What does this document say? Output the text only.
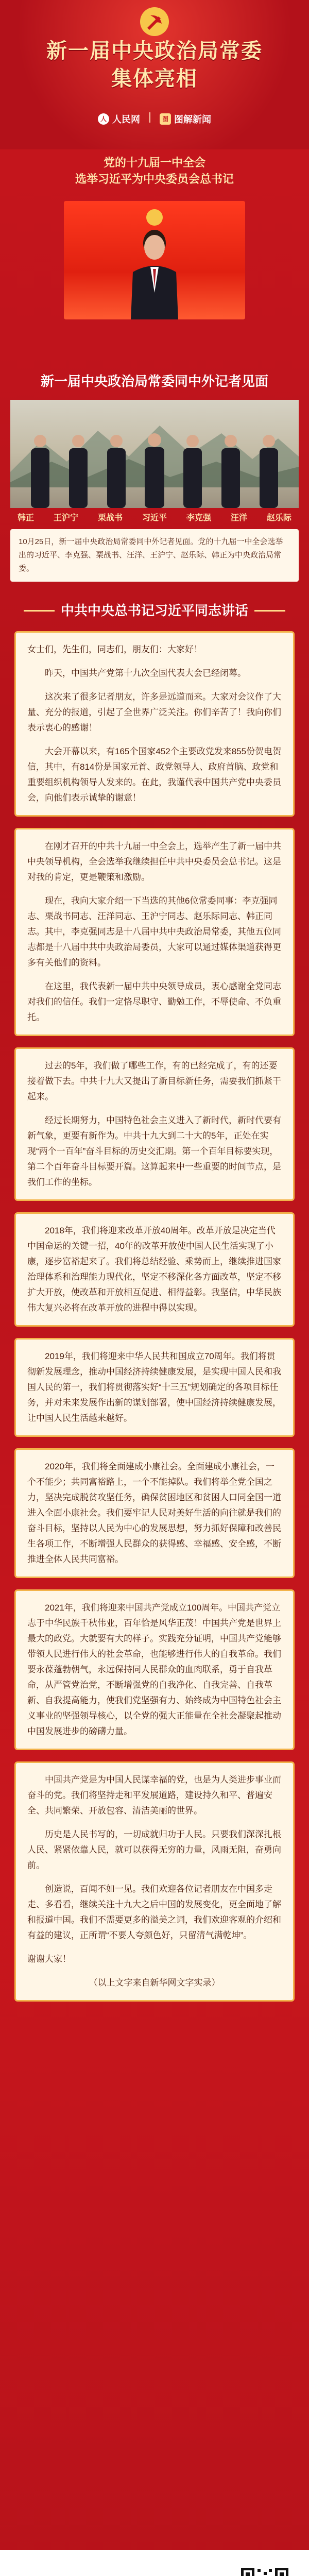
新一届中央政治局常委
集体亮相
人 人民网	图 图解新闻
党的十九届一中全会
选举习近平为中央委员会总书记
新一届中央政治局常委同中外记者见面
韩正 王沪宁 栗战书 习近平 李克强 汪洋 赵乐际
10月25日，新一届中央政治局常委同中外记者见面。党的十九届一中全会选举出的习近平、李克强、栗战书、汪洋、王沪宁、赵乐际、韩正为中央政治局常委。
中共中央总书记习近平同志讲话

女士们，先生们，同志们，朋友们：大家好！

昨天，中国共产党第十九次全国代表大会已经闭幕。

这次来了很多记者朋友，许多是远道而来。大家对会议作了大量、充分的报道，引起了全世界广泛关注。你们辛苦了！我向你们表示衷心的感谢！

大会开幕以来，有165个国家452个主要政党发来855份贺电贺信，其中，有814份是国家元首、政党领导人、政府首脑、政党和重要组织机构领导人发来的。在此，我谨代表中国共产党中央委员会，向他们表示诚挚的谢意！

在刚才召开的中共十九届一中全会上，选举产生了新一届中共中央领导机构，全会选举我继续担任中共中央委员会总书记。这是对我的肯定，更是鞭策和激励。

现在，我向大家介绍一下当选的其他6位常委同事：李克强同志、栗战书同志、汪洋同志、王沪宁同志、赵乐际同志、韩正同志。其中，李克强同志是十八届中共中央政治局常委，其他五位同志都是十八届中共中央政治局委员，大家可以通过媒体渠道获得更多有关他们的资料。

在这里，我代表新一届中共中央领导成员，衷心感谢全党同志对我们的信任。我们一定恪尽职守、勤勉工作，不辱使命、不负重托。

过去的5年，我们做了哪些工作，有的已经完成了，有的还要接着做下去。中共十九大又提出了新目标新任务，需要我们抓紧干起来。

经过长期努力，中国特色社会主义进入了新时代，新时代要有新气象，更要有新作为。中共十九大到二十大的5年，正处在实现“两个一百年”奋斗目标的历史交汇期。第一个百年目标要实现，第二个百年奋斗目标要开篇。这算起来中一些重要的时间节点，是我们工作的坐标。

2018年，我们将迎来改革开放40周年。改革开放是决定当代中国命运的关键一招，40年的改革开放使中国人民生活实现了小康，逐步富裕起来了。我们将总结经验、乘势而上，继续推进国家治理体系和治理能力现代化，坚定不移深化各方面改革，坚定不移扩大开放，使改革和开放相互促进、相得益彰。我坚信，中华民族伟大复兴必将在改革开放的进程中得以实现。

2019年，我们将迎来中华人民共和国成立70周年。我们将贯彻新发展理念，推动中国经济持续健康发展，是实现中国人民和我国人民的第一，我们将贯彻落实好“十三五”规划确定的各项目标任务，并对未来发展作出新的谋划部署，使中国经济持续健康发展，让中国人民生活越来越好。

2020年，我们将全面建成小康社会。全面建成小康社会，一个不能少；共同富裕路上，一个不能掉队。我们将举全党全国之力，坚决完成脱贫攻坚任务，确保贫困地区和贫困人口同全国一道进入全面小康社会。我们要牢记人民对美好生活的向往就是我们的奋斗目标，坚持以人民为中心的发展思想，努力抓好保障和改善民生各项工作，不断增强人民群众的获得感、幸福感、安全感，不断推进全体人民共同富裕。

2021年，我们将迎来中国共产党成立100周年。中国共产党立志于中华民族千秋伟业，百年恰是风华正茂！中国共产党是世界上最大的政党。大就要有大的样子。实践充分证明，中国共产党能够带领人民进行伟大的社会革命，也能够进行伟大的自我革命。我们要永葆蓬勃朝气，永远保持同人民群众的血肉联系，勇于自我革命，从严管党治党，不断增强党的自我净化、自我完善、自我革新、自我提高能力，使我们党坚强有力、始终成为中国特色社会主义事业的坚强领导核心，以全党的强大正能量在全社会凝聚起推动中国发展进步的磅礴力量。

中国共产党是为中国人民谋幸福的党，也是为人类进步事业而奋斗的党。我们将坚持走和平发展道路，建设持久和平、普遍安全、共同繁荣、开放包容、清洁美丽的世界。

历史是人民书写的，一切成就归功于人民。只要我们深深扎根人民、紧紧依靠人民，就可以获得无穷的力量，风雨无阻，奋勇向前。

创造说，百闻不如一见。我们欢迎各位记者朋友在中国多走走、多看看，继续关注十九大之后中国的发展变化，更全面地了解和报道中国。我们不需要更多的溢美之词，我们欢迎客观的介绍和有益的建议，正所谓“不要人夸颜色好，只留清气满乾坤”。

谢谢大家！

（以上文字来自新华网文字实录）
